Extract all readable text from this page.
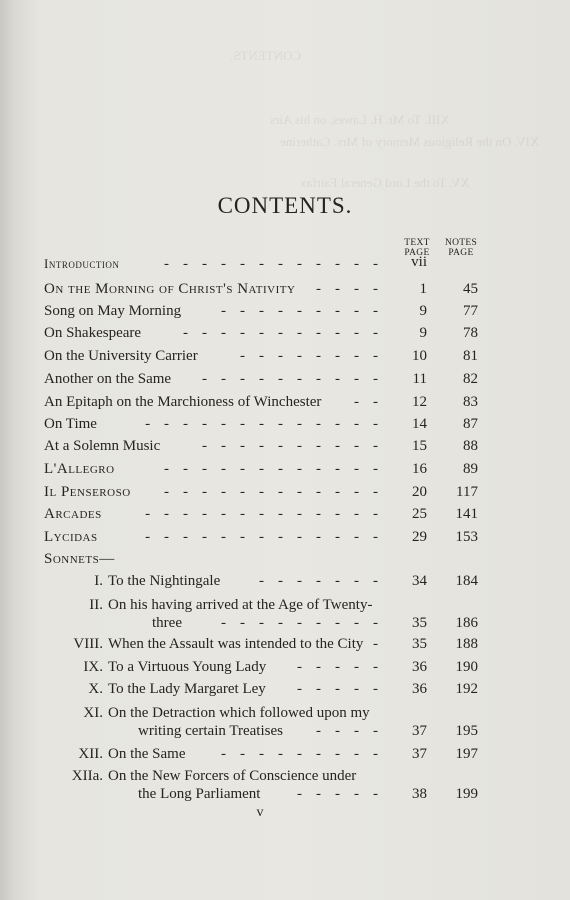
CONTENTS.
XIII. To Mr. H. Lawes, on his Airs
XIV. On the Religious Memory of Mrs. Catherine
XV. To the Lord General Fairfax
CONTENTS.
TEXT
PAGE
NOTES
PAGE
Introduction	------------	vii
On the Morning of Christ's Nativity ----	1	45
Song on May Morning	---------	9	77
On Shakespeare	-----------	9	78
On the University Carrier	--------	10	81
Another on the Same ----------	11	82
An Epitaph on the Marchioness of Winchester --	12	83
On Time	-------------	14	87
At a Solemn Music	----------	15	88
L'Allegro	------------	16	89
Il Penseroso ------------	20	117
Arcades	-------------	25	141
Lycidas	-------------	29	153
Sonnets—
I. To the Nightingale	-------	34	184
II. On his having arrived at the Age of Twenty-
three	---------	35	186
VIII. When the Assault was intended to the City -	35	188
IX. To a Virtuous Young Lady -----	36	190
X. To the Lady Margaret Ley -----	36	192
XI. On the Detraction which followed upon my
writing certain Treatises ----	37	195
XII. On the Same ---------	37	197
XIIa. On the New Forcers of Conscience under
the Long Parliament -----	38	199
v
